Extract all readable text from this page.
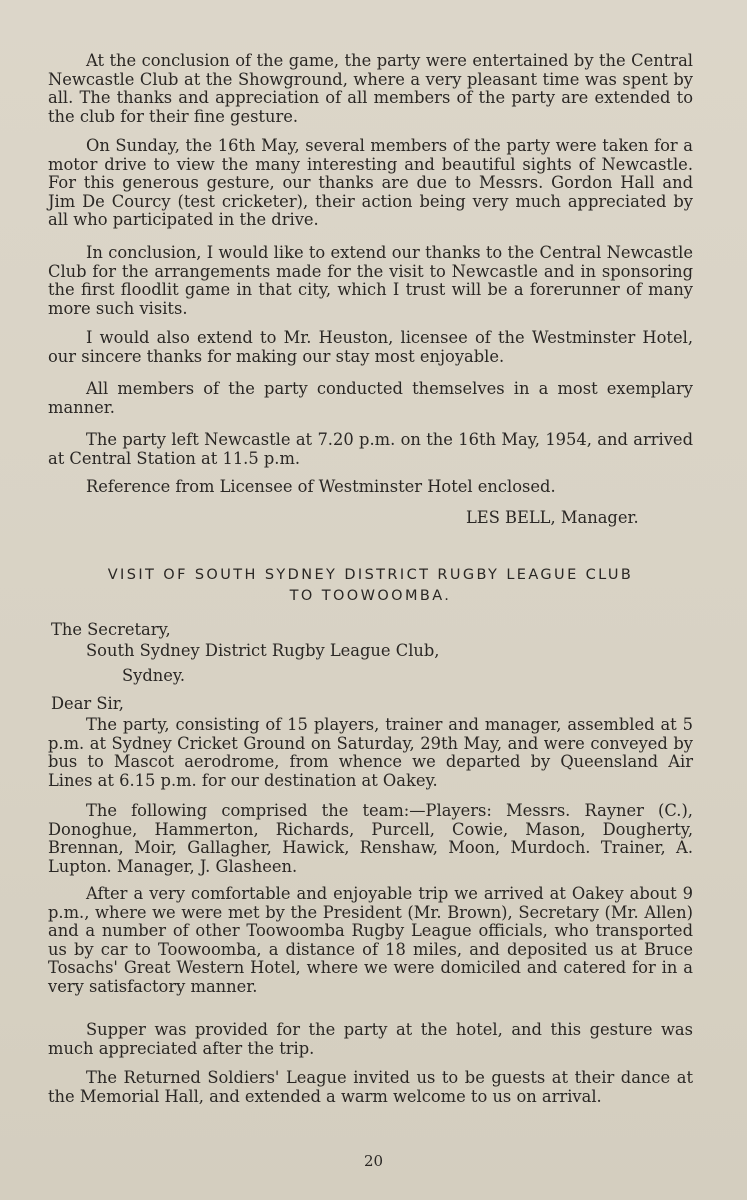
At the conclusion of the game, the party were entertained by the Central Newcastle Club at the Showground, where a very pleasant time was spent by all. The thanks and appreciation of all members of the party are extended to the club for their fine gesture.

On Sunday, the 16th May, several members of the party were taken for a motor drive to view the many interesting and beautiful sights of Newcastle. For this generous gesture, our thanks are due to Messrs. Gordon Hall and Jim De Courcy (test cricketer), their action being very much appreciated by all who participated in the drive.

In conclusion, I would like to extend our thanks to the Central Newcastle Club for the arrangements made for the visit to Newcastle and in sponsoring the first floodlit game in that city, which I trust will be a forerunner of many more such visits.

I would also extend to Mr. Heuston, licensee of the Westminster Hotel, our sincere thanks for making our stay most enjoyable.

All members of the party conducted themselves in a most exemplary manner.

The party left Newcastle at 7.20 p.m. on the 16th May, 1954, and arrived at Central Station at 11.5 p.m.

Reference from Licensee of Westminster Hotel enclosed.
LES BELL, Manager.
VISIT OF SOUTH SYDNEY DISTRICT RUGBY LEAGUE CLUB
TO TOOWOOMBA.
The Secretary,
South Sydney District Rugby League Club,
Sydney.
Dear Sir,

The party, consisting of 15 players, trainer and manager, assembled at 5 p.m. at Sydney Cricket Ground on Saturday, 29th May, and were conveyed by bus to Mascot aerodrome, from whence we departed by Queensland Air Lines at 6.15 p.m. for our destination at Oakey.

The following comprised the team:—Players: Messrs. Rayner (C.), Donoghue, Hammerton, Richards, Purcell, Cowie, Mason, Dougherty, Brennan, Moir, Gallagher, Hawick, Renshaw, Moon, Murdoch. Trainer, A. Lupton. Manager, J. Glasheen.

After a very comfortable and enjoyable trip we arrived at Oakey about 9 p.m., where we were met by the President (Mr. Brown), Secretary (Mr. Allen) and a number of other Toowoomba Rugby League officials, who transported us by car to Toowoomba, a distance of 18 miles, and deposited us at Bruce Tosachs' Great Western Hotel, where we were domiciled and catered for in a very satisfactory manner.

Supper was provided for the party at the hotel, and this gesture was much appreciated after the trip.

The Returned Soldiers' League invited us to be guests at their dance at the Memorial Hall, and extended a warm welcome to us on arrival.

20
